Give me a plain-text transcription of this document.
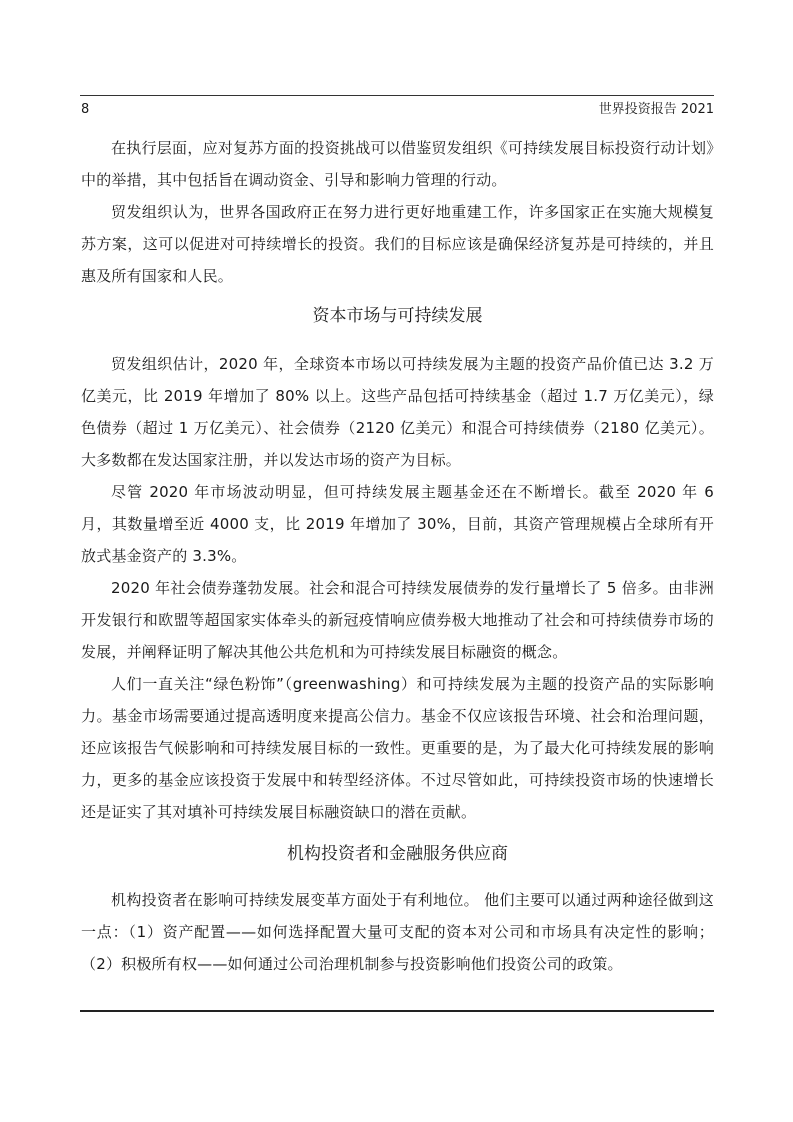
8	世界投资报告 2021

在执行层面，应对复苏方面的投资挑战可以借鉴贸发组织《可持续发展目标投资行动计划》中的举措，其中包括旨在调动资金、引导和影响力管理的行动。

贸发组织认为，世界各国政府正在努力进行更好地重建工作，许多国家正在实施大规模复苏方案，这可以促进对可持续增长的投资。我们的目标应该是确保经济复苏是可持续的，并且惠及所有国家和人民。

资本市场与可持续发展

贸发组织估计，2020 年，全球资本市场以可持续发展为主题的投资产品价值已达 3.2 万亿美元，比 2019 年增加了 80% 以上。这些产品包括可持续基金（超过 1.7 万亿美元），绿色债券（超过 1 万亿美元）、社会债券（2120 亿美元）和混合可持续债券（2180 亿美元）。大多数都在发达国家注册，并以发达市场的资产为目标。

尽管 2020 年市场波动明显，但可持续发展主题基金还在不断增长。截至 2020 年 6 月，其数量增至近 4000 支，比 2019 年增加了 30%，目前，其资产管理规模占全球所有开放式基金资产的 3.3%。

2020 年社会债券蓬勃发展。社会和混合可持续发展债券的发行量增长了 5 倍多。由非洲开发银行和欧盟等超国家实体牵头的新冠疫情响应债券极大地推动了社会和可持续债券市场的发展，并阐释证明了解决其他公共危机和为可持续发展目标融资的概念。

人们一直关注“绿色粉饰”（greenwashing）和可持续发展为主题的投资产品的实际影响力。基金市场需要通过提高透明度来提高公信力。基金不仅应该报告环境、社会和治理问题，还应该报告气候影响和可持续发展目标的一致性。更重要的是，为了最大化可持续发展的影响力，更多的基金应该投资于发展中和转型经济体。不过尽管如此，可持续投资市场的快速增长还是证实了其对填补可持续发展目标融资缺口的潜在贡献。

机构投资者和金融服务供应商

机构投资者在影响可持续发展变革方面处于有利地位。 他们主要可以通过两种途径做到这一点：（1）资产配置——如何选择配置大量可支配的资本对公司和市场具有决定性的影响；（2）积极所有权——如何通过公司治理机制参与投资影响他们投资公司的政策。
